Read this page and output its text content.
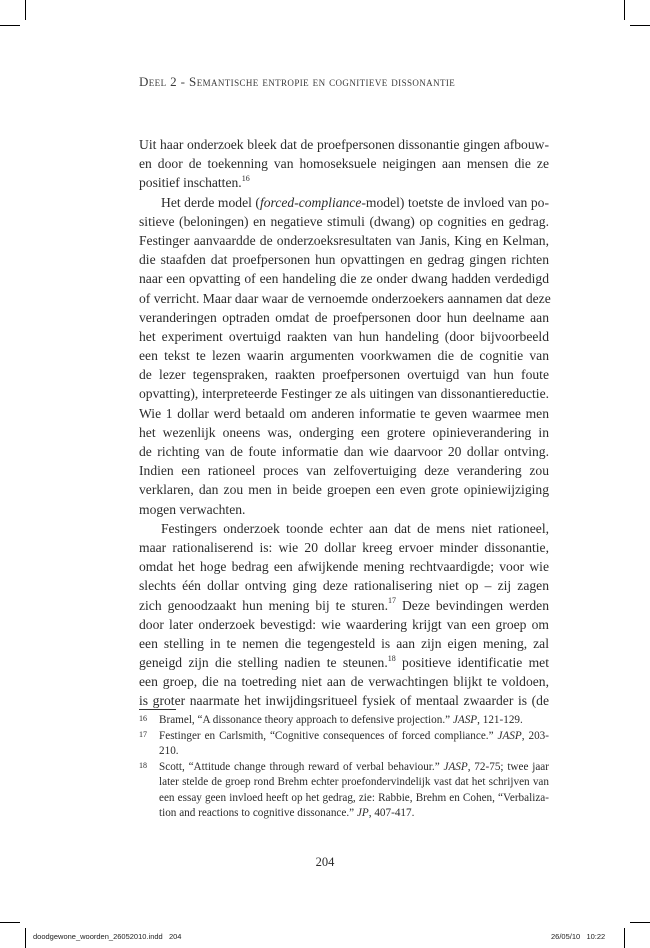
Deel 2 - Semantische entropie en cognitieve dissonantie
Uit haar onderzoek bleek dat de proefpersonen dissonantie gingen afbouw-
en door de toekenning van homoseksuele neigingen aan mensen die ze
positief inschatten.$^{16}$
Het derde model (forced-compliance-model) toetste de invloed van po-
sitieve (beloningen) en negatieve stimuli (dwang) op cognities en gedrag.
Festinger aanvaardde de onderzoeksresultaten van Janis, King en Kelman,
die staafden dat proefpersonen hun opvattingen en gedrag gingen richten
naar een opvatting of een handeling die ze onder dwang hadden verdedigd
of verricht. Maar daar waar de vernoemde onderzoekers aannamen dat deze
veranderingen optraden omdat de proefpersonen door hun deelname aan
het experiment overtuigd raakten van hun handeling (door bijvoorbeeld
een tekst te lezen waarin argumenten voorkwamen die de cognitie van
de lezer tegenspraken, raakten proefpersonen overtuigd van hun foute
opvatting), interpreteerde Festinger ze als uitingen van dissonantiereductie.
Wie 1 dollar werd betaald om anderen informatie te geven waarmee men
het wezenlijk oneens was, onderging een grotere opinieverandering in
de richting van de foute informatie dan wie daarvoor 20 dollar ontving.
Indien een rationeel proces van zelfovertuiging deze verandering zou
verklaren, dan zou men in beide groepen een even grote opiniewijziging
mogen verwachten.
Festingers onderzoek toonde echter aan dat de mens niet rationeel,
maar rationaliserend is: wie 20 dollar kreeg ervoer minder dissonantie,
omdat het hoge bedrag een afwijkende mening rechtvaardigde; voor wie
slechts één dollar ontving ging deze rationalisering niet op – zij zagen
zich genoodzaakt hun mening bij te sturen.$^{17}$ Deze bevindingen werden
door later onderzoek bevestigd: wie waardering krijgt van een groep om
een stelling in te nemen die tegengesteld is aan zijn eigen mening, zal
geneigd zijn die stelling nadien te steunen.$^{18}$ positieve identificatie met
een groep, die na toetreding niet aan de verwachtingen blijkt te voldoen,
is groter naarmate het inwijdingsritueel fysiek of mentaal zwaarder is (de
16 Bramel, “A dissonance theory approach to defensive projection.” JASP, 121-129.
17 Festinger en Carlsmith, “Cognitive consequences of forced compliance.” JASP, 203-
210.
18 Scott, “Attitude change through reward of verbal behaviour.” JASP, 72-75; twee jaar
later stelde de groep rond Brehm echter proefondervindelijk vast dat het schrijven van
een essay geen invloed heeft op het gedrag, zie: Rabbie, Brehm en Cohen, “Verbaliza-
tion and reactions to cognitive dissonance.” JP, 407-417.
204
doodgewone_woorden_26052010.indd   204	26/05/10   10:22
